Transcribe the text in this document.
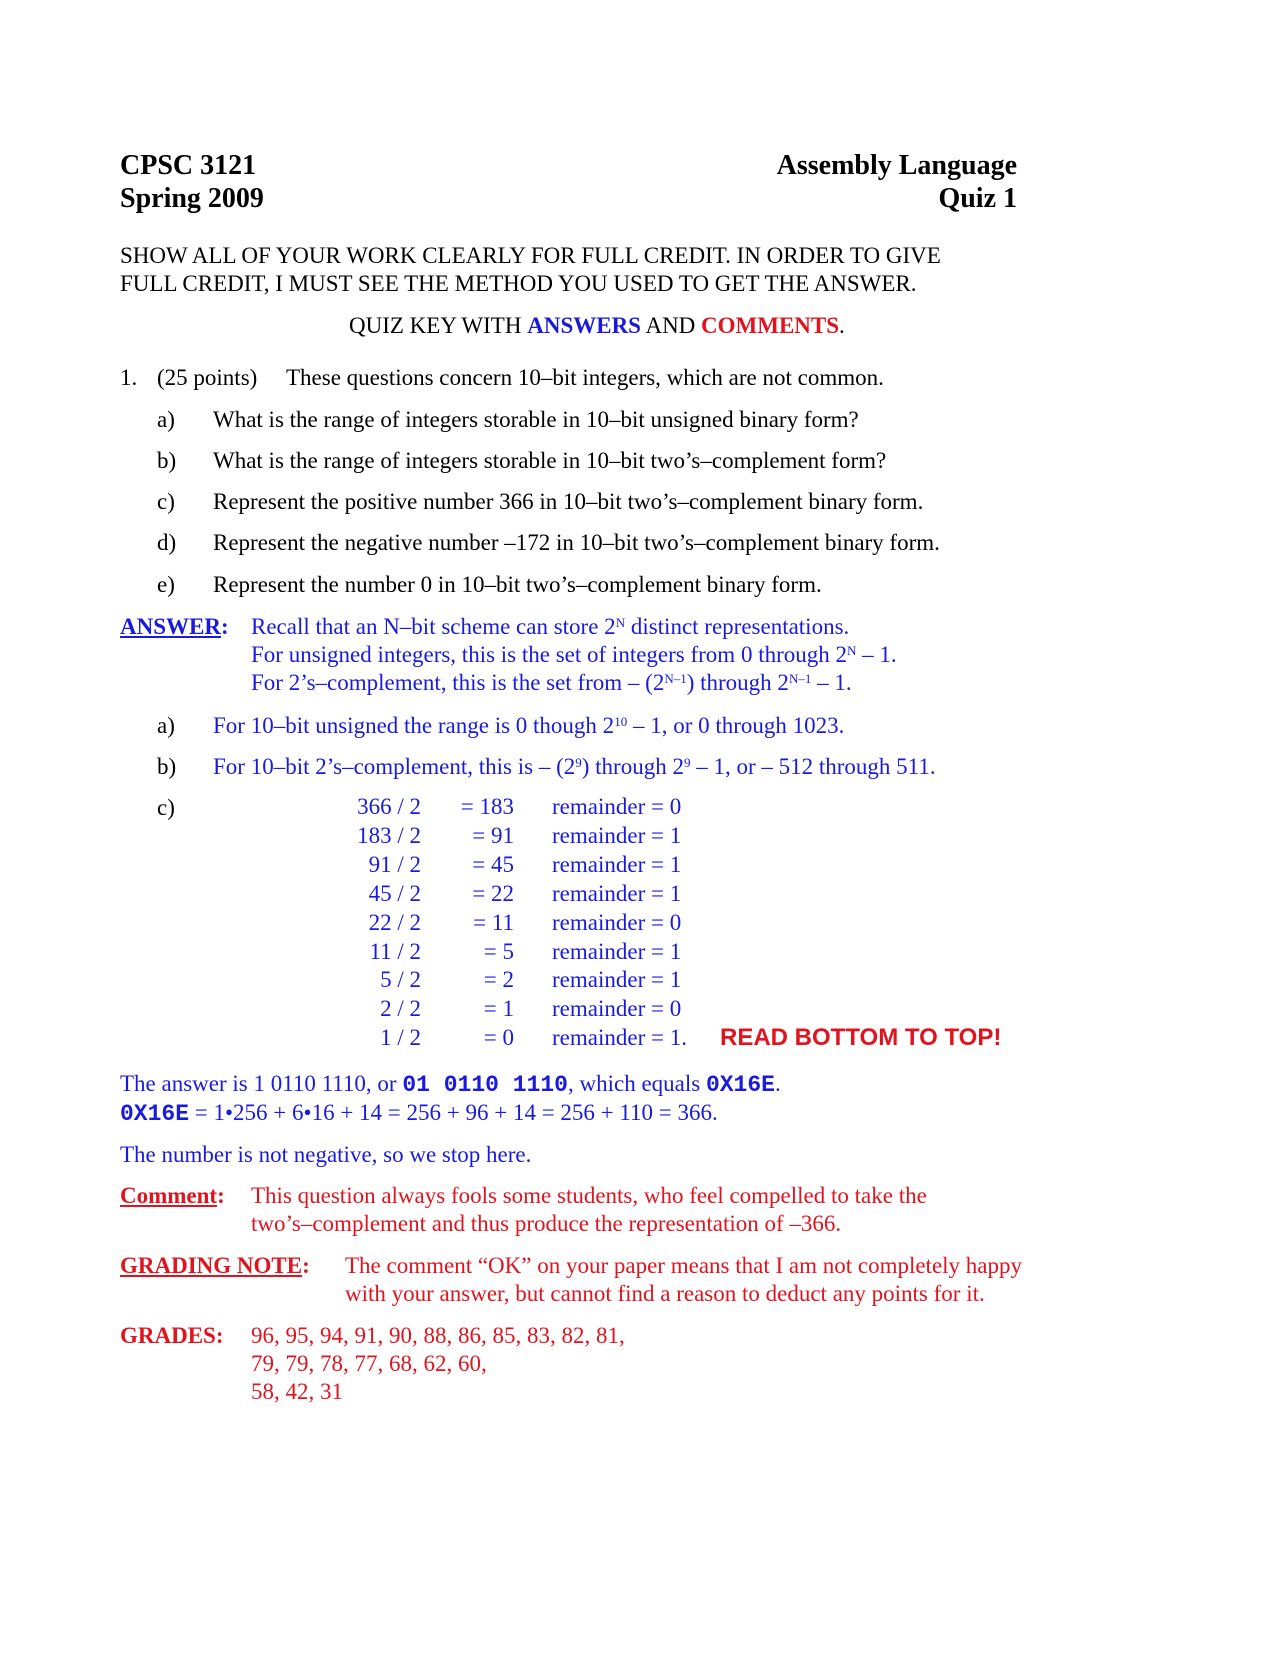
CPSC 3121
Spring 2009
Assembly Language
Quiz 1
SHOW ALL OF YOUR WORK CLEARLY FOR FULL CREDIT. IN ORDER TO GIVE
FULL CREDIT, I MUST SEE THE METHOD YOU USED TO GET THE ANSWER.
QUIZ KEY WITH ANSWERS AND COMMENTS.
1. (25 points) These questions concern 10–bit integers, which are not common.
a) What is the range of integers storable in 10–bit unsigned binary form?
b) What is the range of integers storable in 10–bit two’s–complement form?
c) Represent the positive number 366 in 10–bit two’s–complement binary form.
d) Represent the negative number –172 in 10–bit two’s–complement binary form.
e) Represent the number 0 in 10–bit two’s–complement binary form.
ANSWER: Recall that an N–bit scheme can store $2^N$ distinct representations.
For unsigned integers, this is the set of integers from 0 through $2^N - 1$.
For 2’s–complement, this is the set from – $(2^{N-1})$ through $2^{N-1} - 1$.
a) For 10–bit unsigned the range is 0 though $2^{10} - 1$, or 0 through 1023.
b) For 10–bit 2’s–complement, this is – $(2^9)$ through $2^9 - 1$, or – 512 through 511.
c)	366 / 2 = 183 remainder = 0
183 / 2 = 91 remainder = 1
91 / 2 = 45 remainder = 1
45 / 2 = 22 remainder = 1
22 / 2 = 11 remainder = 0
11 / 2	= 5 remainder = 1
5 / 2	= 2 remainder = 1
2 / 2	= 1 remainder = 0
1 / 2	= 0 remainder = 1. READ BOTTOM TO TOP!
The answer is 1 0110 1110, or 01 0110 1110, which equals 0X16E.
0X16E = 1•256 + 6•16 + 14 = 256 + 96 + 14 = 256 + 110 = 366.
The number is not negative, so we stop here.
Comment: This question always fools some students, who feel compelled to take the
two’s–complement and thus produce the representation of –366.
GRADING NOTE: The comment “OK” on your paper means that I am not completely happy
with your answer, but cannot find a reason to deduct any points for it.
GRADES: 96, 95, 94, 91, 90, 88, 86, 85, 83, 82, 81,
79, 79, 78, 77, 68, 62, 60,
58, 42, 31
